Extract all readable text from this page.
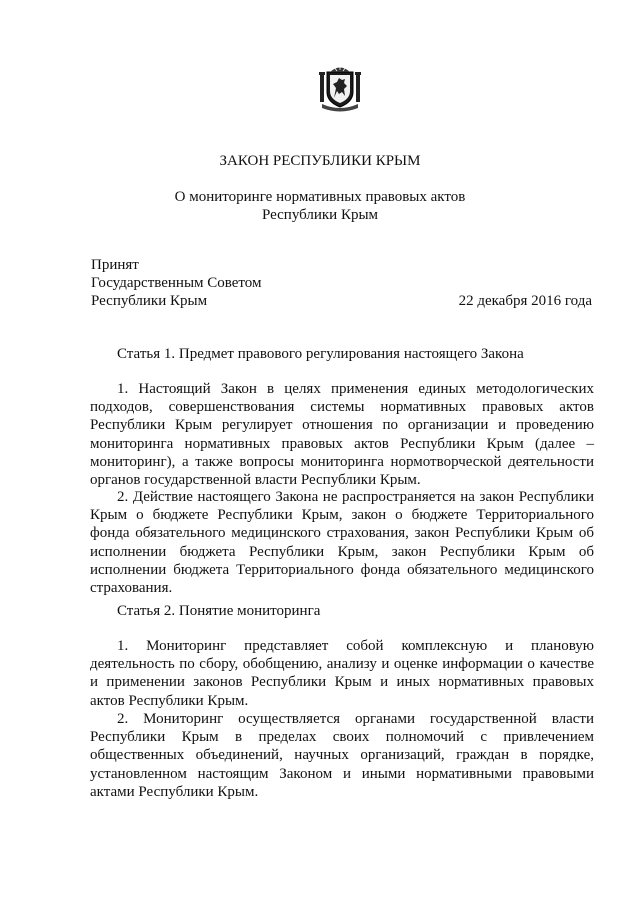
ЗАКОН РЕСПУБЛИКИ КРЫМ
О мониторинге нормативных правовых актов
Республики Крым
Принят
Государственным Советом
Республики Крым	22 декабря 2016 года
Статья 1. Предмет правового регулирования настоящего Закона

1. Настоящий Закон в целях применения единых методологических подходов, совершенствования системы нормативных правовых актов Республики Крым регулирует отношения по организации и проведению мониторинга нормативных правовых актов Республики Крым (далее – мониторинг), а также вопросы мониторинга нормотворческой деятельности органов государственной власти Республики Крым.

2. Действие настоящего Закона не распространяется на закон Республики Крым о бюджете Республики Крым, закон о бюджете Территориального фонда обязательного медицинского страхования, закон Республики Крым об исполнении бюджета Республики Крым, закон Республики Крым об исполнении бюджета Территориального фонда обязательного медицинского страхования.

Статья 2. Понятие мониторинга

1. Мониторинг представляет собой комплексную и плановую деятельность по сбору, обобщению, анализу и оценке информации о качестве и применении законов Республики Крым и иных нормативных правовых актов Республики Крым.

2. Мониторинг осуществляется органами государственной власти Республики Крым в пределах своих полномочий с привлечением общественных объединений, научных организаций, граждан в порядке, установленном настоящим Законом и иными нормативными правовыми актами Республики Крым.
